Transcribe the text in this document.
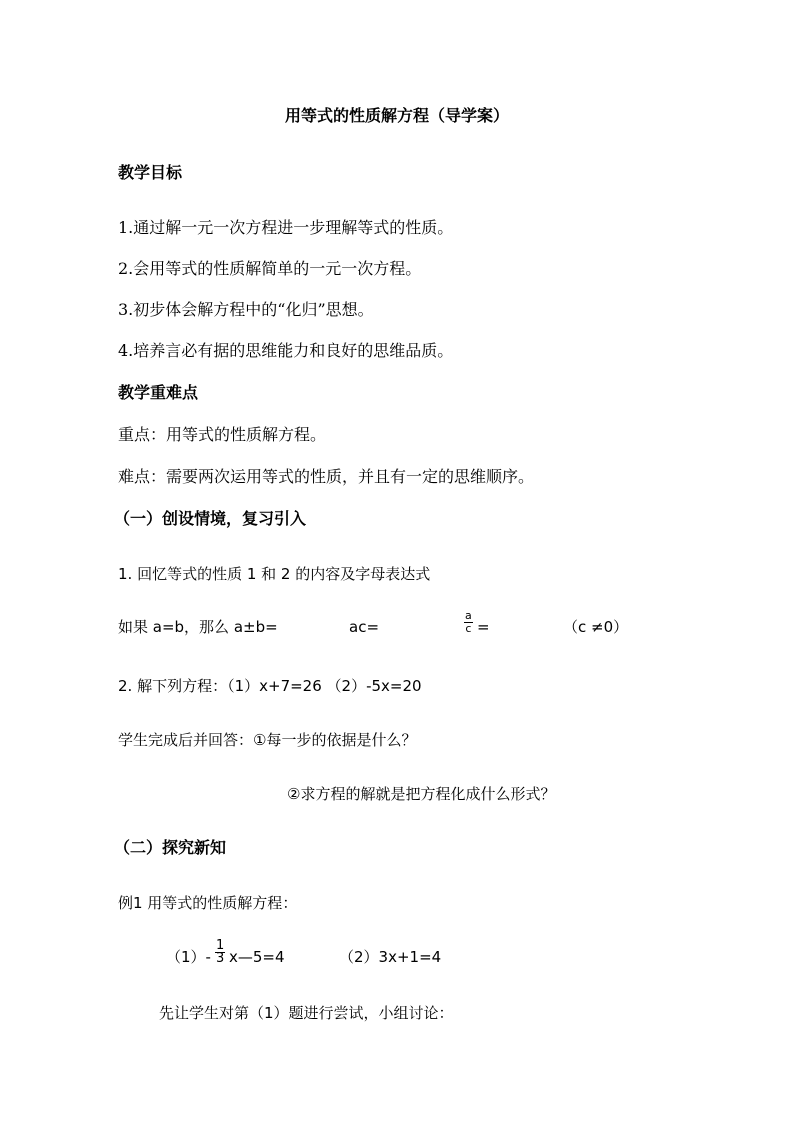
用等式的性质解方程（导学案）
教学目标
1.通过解一元一次方程进一步理解等式的性质。
2.会用等式的性质解简单的一元一次方程。
3.初步体会解方程中的“化归”思想。
4.培养言必有据的思维能力和良好的思维品质。
教学重难点
重点：用等式的性质解方程。
难点：需要两次运用等式的性质，并且有一定的思维顺序。
（一）创设情境，复习引入
1. 回忆等式的性质 1 和 2 的内容及字母表达式
如果 a=b，那么 a±b=	ac=	$\frac{a}{c}$ =	（c ≠0）
2. 解下列方程：（1）x+7=26 （2）-5x=20
学生完成后并回答：①每一步的依据是什么？
②求方程的解就是把方程化成什么形式？
（二）探究新知
例1 用等式的性质解方程：
$(1)- \frac{1}{3}$ x—5=4	（2）3x+1=4
先让学生对第（1）题进行尝试，小组讨论：
